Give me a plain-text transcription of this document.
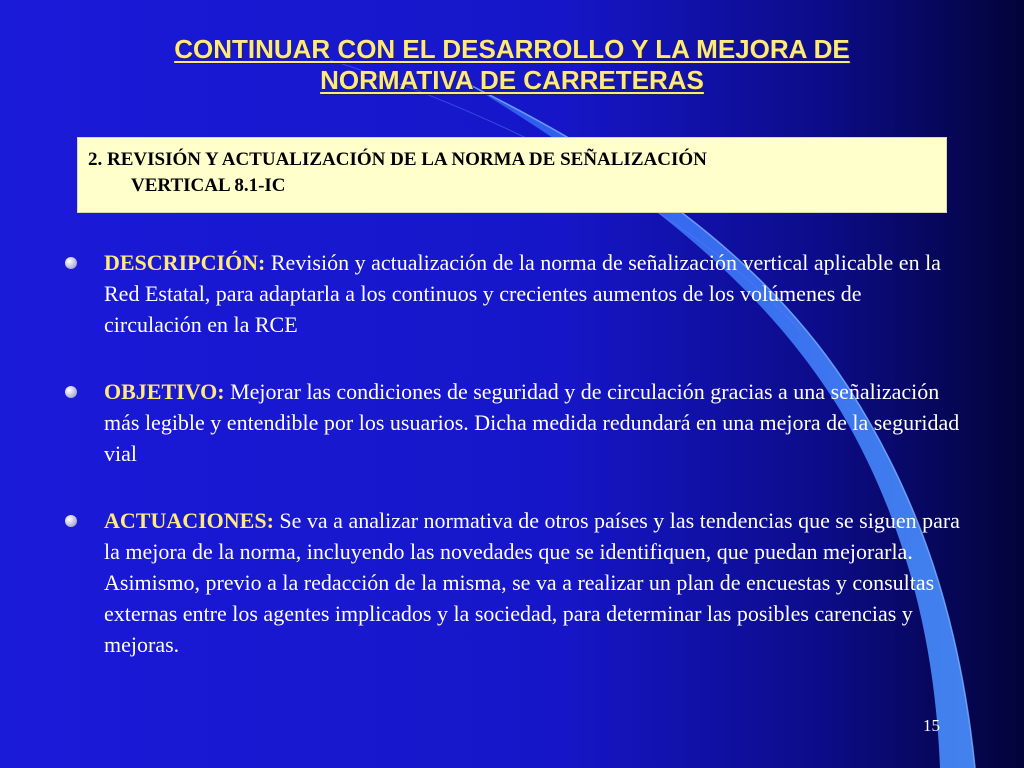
CONTINUAR CON EL DESARROLLO Y LA MEJORA DE
NORMATIVA DE CARRETERAS
2. REVISIÓN Y ACTUALIZACIÓN DE LA NORMA DE SEÑALIZACIÓN
VERTICAL 8.1-IC
DESCRIPCIÓN: Revisión y actualización de la norma de señalización vertical aplicable en la Red Estatal, para adaptarla a los continuos y crecientes aumentos de los volúmenes de circulación en la RCE
OBJETIVO: Mejorar las condiciones de seguridad y de circulación gracias a una señalización más legible y entendible por los usuarios. Dicha medida redundará en una mejora de la seguridad vial
ACTUACIONES: Se va a analizar normativa de otros países y las tendencias que se siguen para la mejora de la norma, incluyendo las novedades que se identifiquen, que puedan mejorarla. Asimismo, previo a la redacción de la misma, se va a realizar un plan de encuestas y consultas externas entre los agentes implicados y la sociedad, para determinar las posibles carencias y mejoras.
15
